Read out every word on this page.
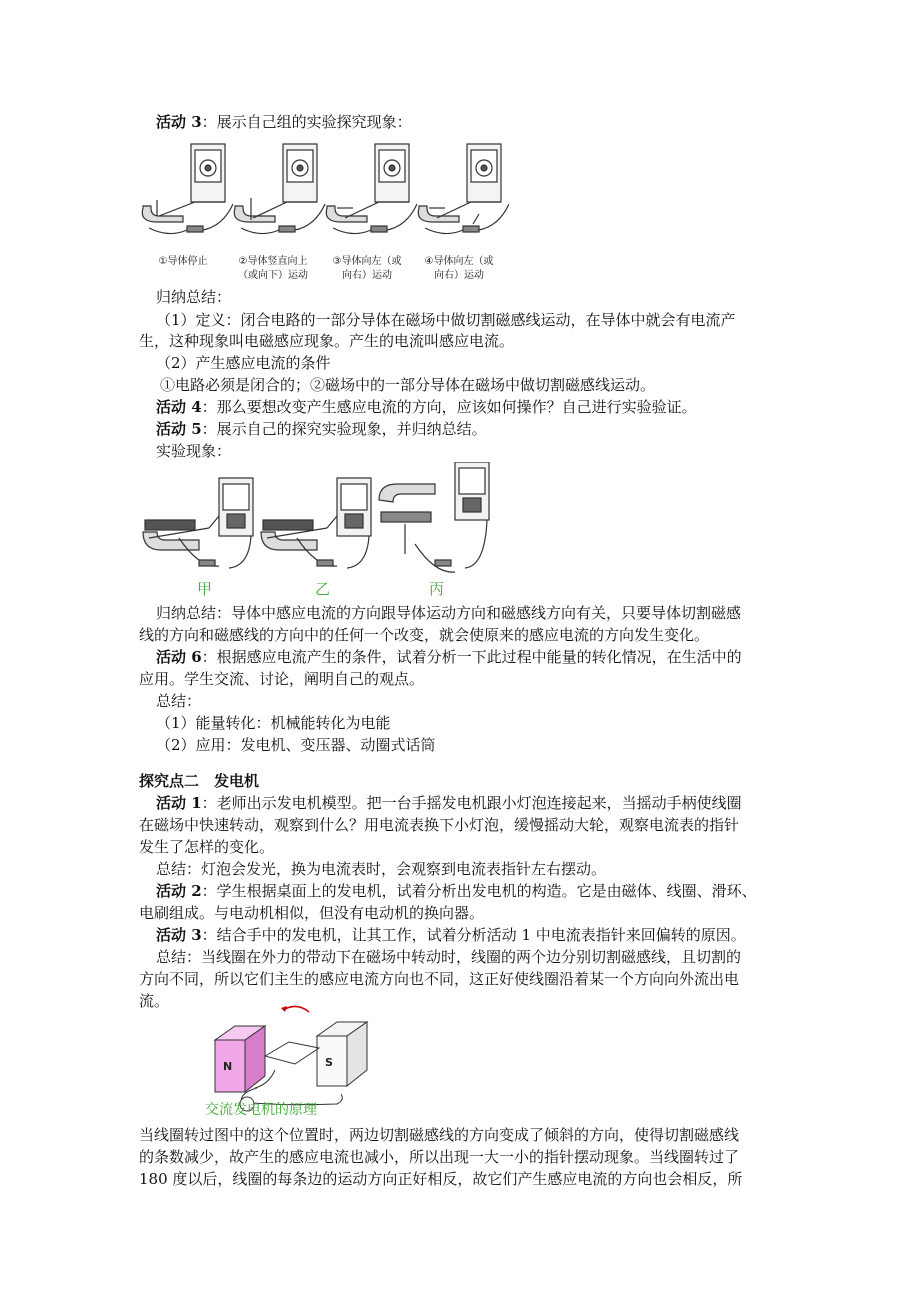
活动 3：展示自己组的实验探究现象：
①导体停止	②导体竖直向上
（或向下）运动
③导体向左（或
向右）运动
④导体向左（或
向右）运动
归纳总结：
（1）定义：闭合电路的一部分导体在磁场中做切割磁感线运动，在导体中就会有电流产
生，这种现象叫电磁感应现象。产生的电流叫感应电流。
（2）产生感应电流的条件
①电路必须是闭合的；②磁场中的一部分导体在磁场中做切割磁感线运动。
活动 4：那么要想改变产生感应电流的方向，应该如何操作？自己进行实验验证。
活动 5：展示自己的探究实验现象，并归纳总结。
实验现象：
甲	乙	丙
归纳总结：导体中感应电流的方向跟导体运动方向和磁感线方向有关，只要导体切割磁感
线的方向和磁感线的方向中的任何一个改变，就会使原来的感应电流的方向发生变化。
活动 6：根据感应电流产生的条件，试着分析一下此过程中能量的转化情况，在生活中的
应用。学生交流、讨论，阐明自己的观点。
总结：
（1）能量转化：机械能转化为电能
（2）应用：发电机、变压器、动圈式话筒
探究点二　发电机
活动 1：老师出示发电机模型。把一台手摇发电机跟小灯泡连接起来，当摇动手柄使线圈
在磁场中快速转动，观察到什么？用电流表换下小灯泡，缓慢摇动大轮，观察电流表的指针
发生了怎样的变化。
总结：灯泡会发光，换为电流表时，会观察到电流表指针左右摆动。
活动 2：学生根据桌面上的发电机，试着分析出发电机的构造。它是由磁体、线圈、滑环、
电刷组成。与电动机相似，但没有电动机的换向器。
活动 3：结合手中的发电机，让其工作，试着分析活动 1 中电流表指针来回偏转的原因。
总结：当线圈在外力的带动下在磁场中转动时，线圈的两个边分别切割磁感线，且切割的
方向不同，所以它们主生的感应电流方向也不同，这正好使线圈沿着某一个方向向外流出电
流。
N	S
交流发电机的原理
当线圈转过图中的这个位置时，两边切割磁感线的方向变成了倾斜的方向，使得切割磁感线
的条数减少，故产生的感应电流也减小，所以出现一大一小的指针摆动现象。当线圈转过了
180 度以后，线圈的每条边的运动方向正好相反，故它们产生感应电流的方向也会相反，所
